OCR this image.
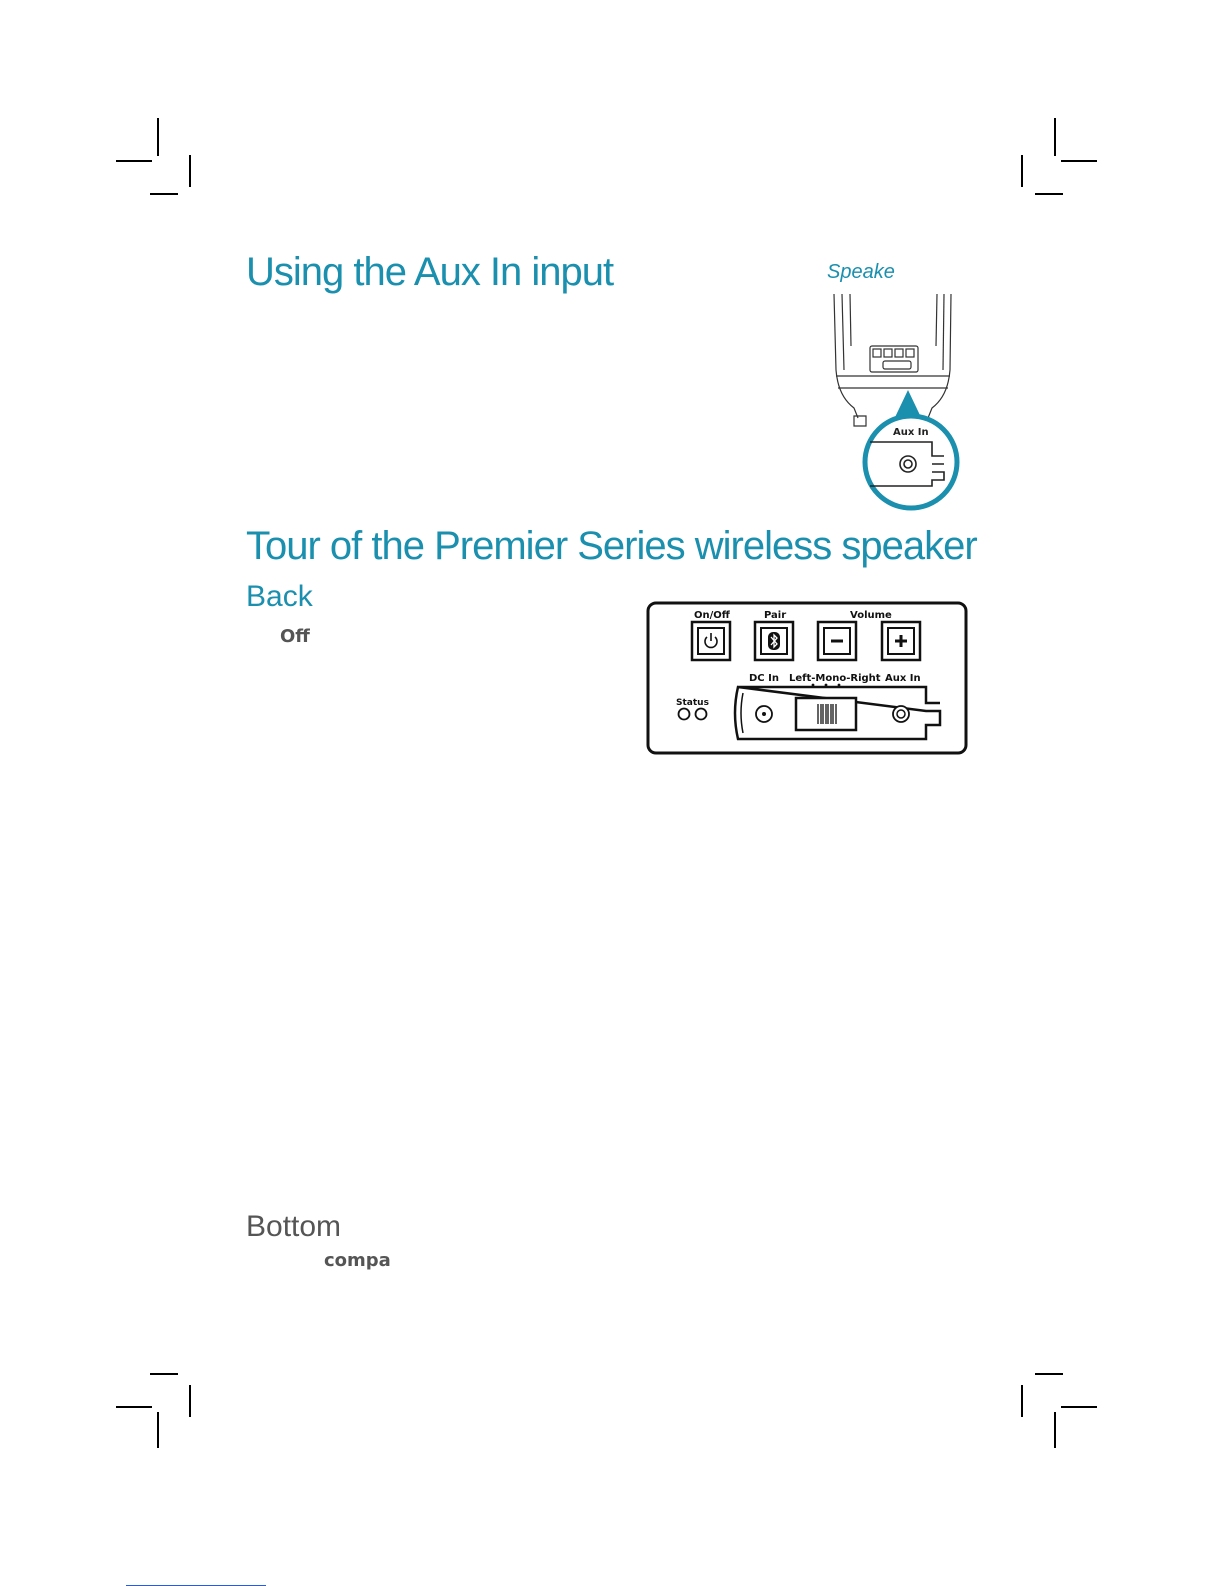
Using the Aux In input
Tour of the Premier Series wireless speaker
Back
Off
Bottom
compa
Speake
Aux In
On/Off	Pair	Volume
DC In Left-Mono-Right Aux In
Status
